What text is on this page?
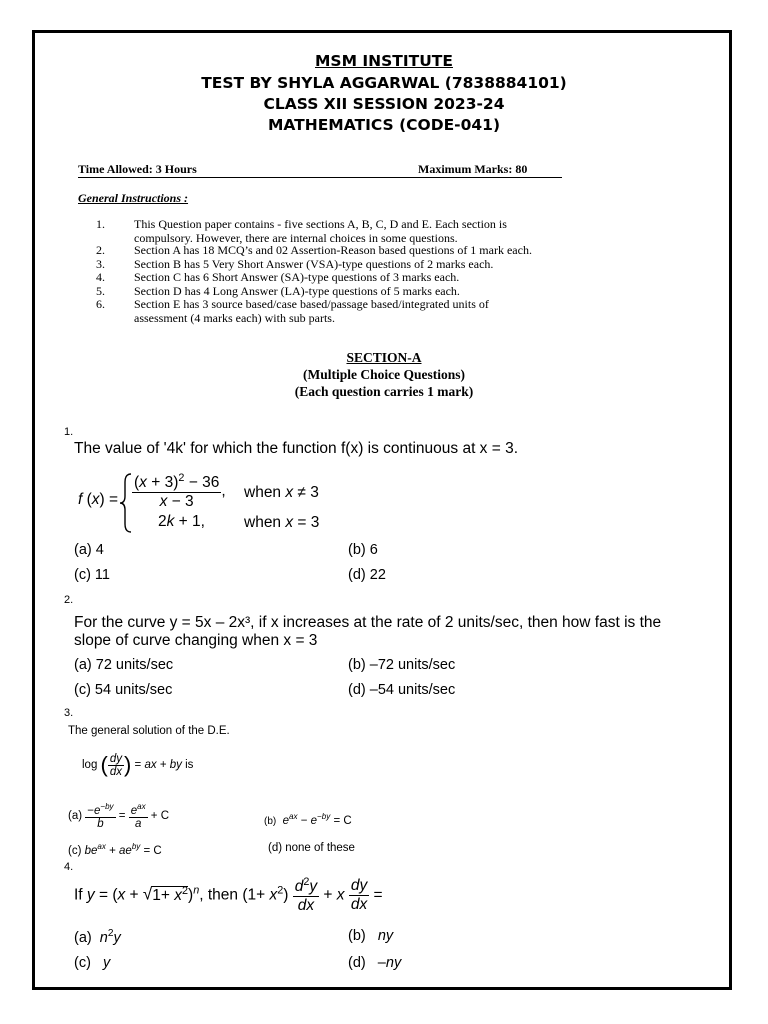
MSM INSTITUTE
TEST BY SHYLA AGGARWAL (7838884101)
CLASS XII SESSION 2023-24
MATHEMATICS (CODE-041)
Time Allowed: 3 Hours	Maximum Marks: 80
General Instructions :
1. This Question paper contains - five sections A, B, C, D and E. Each section is compulsory. However, there are internal choices in some questions.
2. Section A has 18 MCQ’s and 02 Assertion-Reason based questions of 1 mark each.
3. Section B has 5 Very Short Answer (VSA)-type questions of 2 marks each.
4. Section C has 6 Short Answer (SA)-type questions of 3 marks each.
5. Section D has 4 Long Answer (LA)-type questions of 5 marks each.
6. Section E has 3 source based/case based/passage based/integrated units of assessment (4 marks each) with sub parts.
SECTION-A
(Multiple Choice Questions)
(Each question carries 1 mark)
1.
The value of '4k' for which the function f(x) is continuous at x = 3.
f $(x) = \frac{(x + 3)^2 - 36}{x - 3}$ , when x ≠ 3
2k + 1,	when x = 3
(a) 4	(b) 6
(c) 11	(d) 22
2.
For the curve y = 5x – 2x³, if x increases at the rate of 2 units/sec, then how fast is the
slope of curve changing when x = 3
(a) 72 units/sec	(b) –72 units/sec
(c) 54 units/sec	(d) –54 units/sec
3.
The general solution of the D.E.
log ( $\frac{dy}{dx}$ ) = ax + by is
$(a) \frac{-e^{-by}}{b} = \frac{e^{ax}}{a} + C$	(b) $e^{ax} - e^{-by} = C$
(c) $be^{ax} + ae^{by} = C$	(d) none of these
4.
If $y = (x + √1+ x^2)^n$, then $(1+ x^2) \frac{d^2y}{dx} + x \frac{dy}{dx}$ =
(a)  $n^2y$	(b)   ny
(c)   y	(d)   –ny
